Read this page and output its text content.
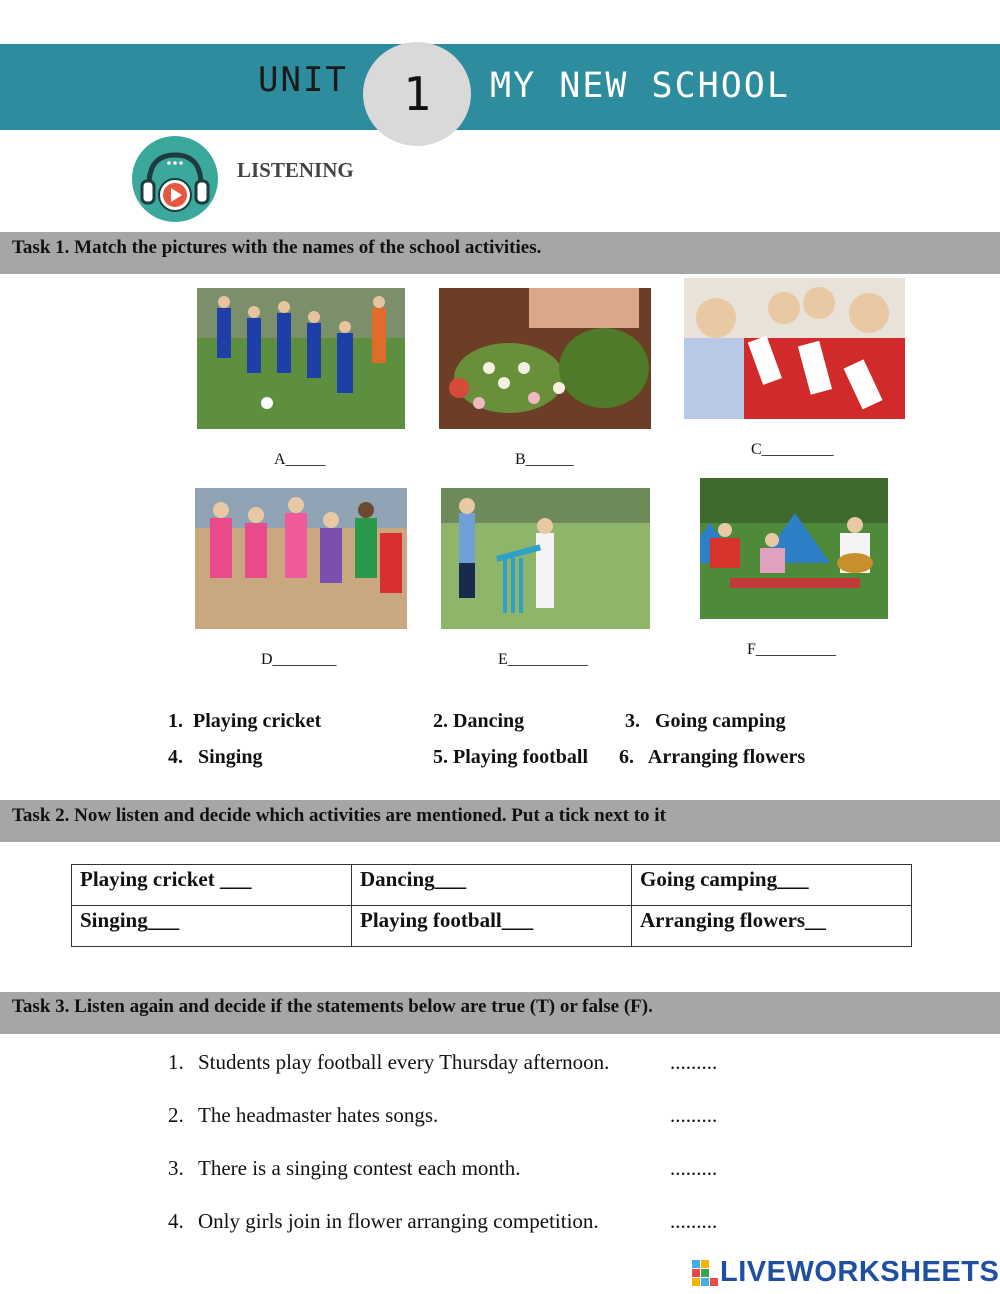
UNIT 1 MY NEW SCHOOL
LISTENING
Task 1. Match the pictures with the names of the school activities.
A_____	B______
C_________
D________	E__________
F__________
1. Playing cricket	2. Dancing	3. Going camping
4. Singing	5. Playing football 6. Arranging flowers
Task 2. Now listen and decide which activities are mentioned. Put a tick next to it
Playing cricket ___	Dancing___	Going camping___
Singing___	Playing football___	Arranging flowers__
Task 3. Listen again and decide if the statements below are true (T) or false (F).
1. Students play football every Thursday afternoon.	.........
2. The headmaster hates songs.	.........
3. There is a singing contest each month.	.........
4. Only girls join in flower arranging competition.	.........
LIVEWORKSHEETS
